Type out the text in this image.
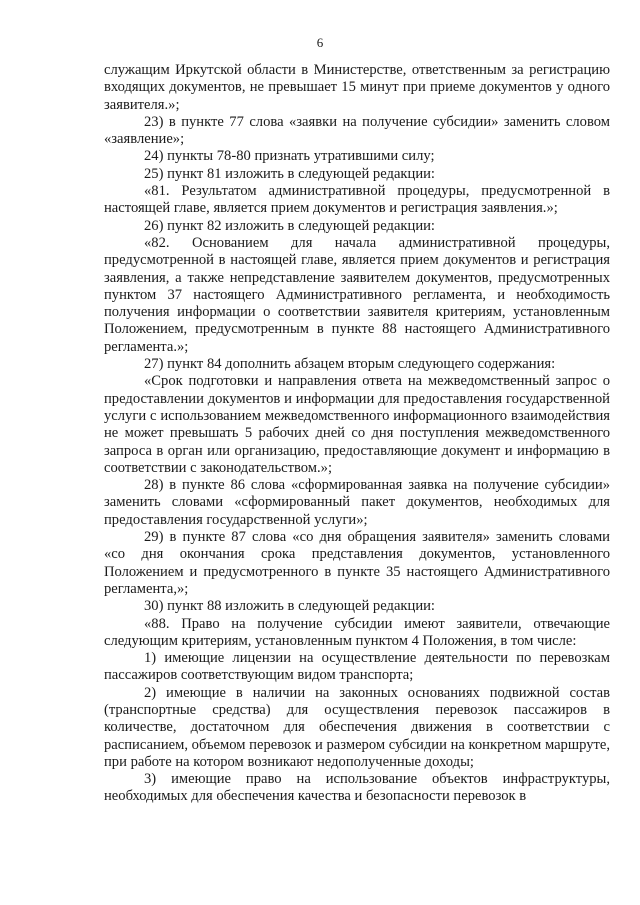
6

служащим Иркутской области в Министерстве, ответственным за регистрацию входящих документов, не превышает 15 минут при приеме документов у одного заявителя.»;

23) в пункте 77 слова «заявки на получение субсидии» заменить словом «заявление»;

24) пункты 78-80 признать утратившими силу;

25) пункт 81 изложить в следующей редакции:

«81. Результатом административной процедуры, предусмотренной в настоящей главе, является прием документов и регистрация заявления.»;

26) пункт 82 изложить в следующей редакции:

«82. Основанием для начала административной процедуры, предусмотренной в настоящей главе, является прием документов и регистрация заявления, а также непредставление заявителем документов, предусмотренных пунктом 37 настоящего Административного регламента, и необходимость получения информации о соответствии заявителя критериям, установленным Положением, предусмотренным в пункте 88 настоящего Административного регламента.»;

27) пункт 84 дополнить абзацем вторым следующего содержания:

«Срок подготовки и направления ответа на межведомственный запрос о предоставлении документов и информации для предоставления государственной услуги с использованием межведомственного информационного взаимодействия не может превышать 5 рабочих дней со дня поступления межведомственного запроса в орган или организацию, предоставляющие документ и информацию в соответствии с законодательством.»;

28) в пункте 86 слова «сформированная заявка на получение субсидии» заменить словами «сформированный пакет документов, необходимых для предоставления государственной услуги»;

29) в пункте 87 слова «со дня обращения заявителя» заменить словами «со дня окончания срока представления документов, установленного Положением и предусмотренного в пункте 35 настоящего Административного регламента,»;

30) пункт 88 изложить в следующей редакции:

«88. Право на получение субсидии имеют заявители, отвечающие следующим критериям, установленным пунктом 4 Положения, в том числе:

1) имеющие лицензии на осуществление деятельности по перевозкам пассажиров соответствующим видом транспорта;

2) имеющие в наличии на законных основаниях подвижной состав (транспортные средства) для осуществления перевозок пассажиров в количестве, достаточном для обеспечения движения в соответствии с расписанием, объемом перевозок и размером субсидии на конкретном маршруте, при работе на котором возникают недополученные доходы;

3) имеющие право на использование объектов инфраструктуры, необходимых для обеспечения качества и безопасности перевозок в
